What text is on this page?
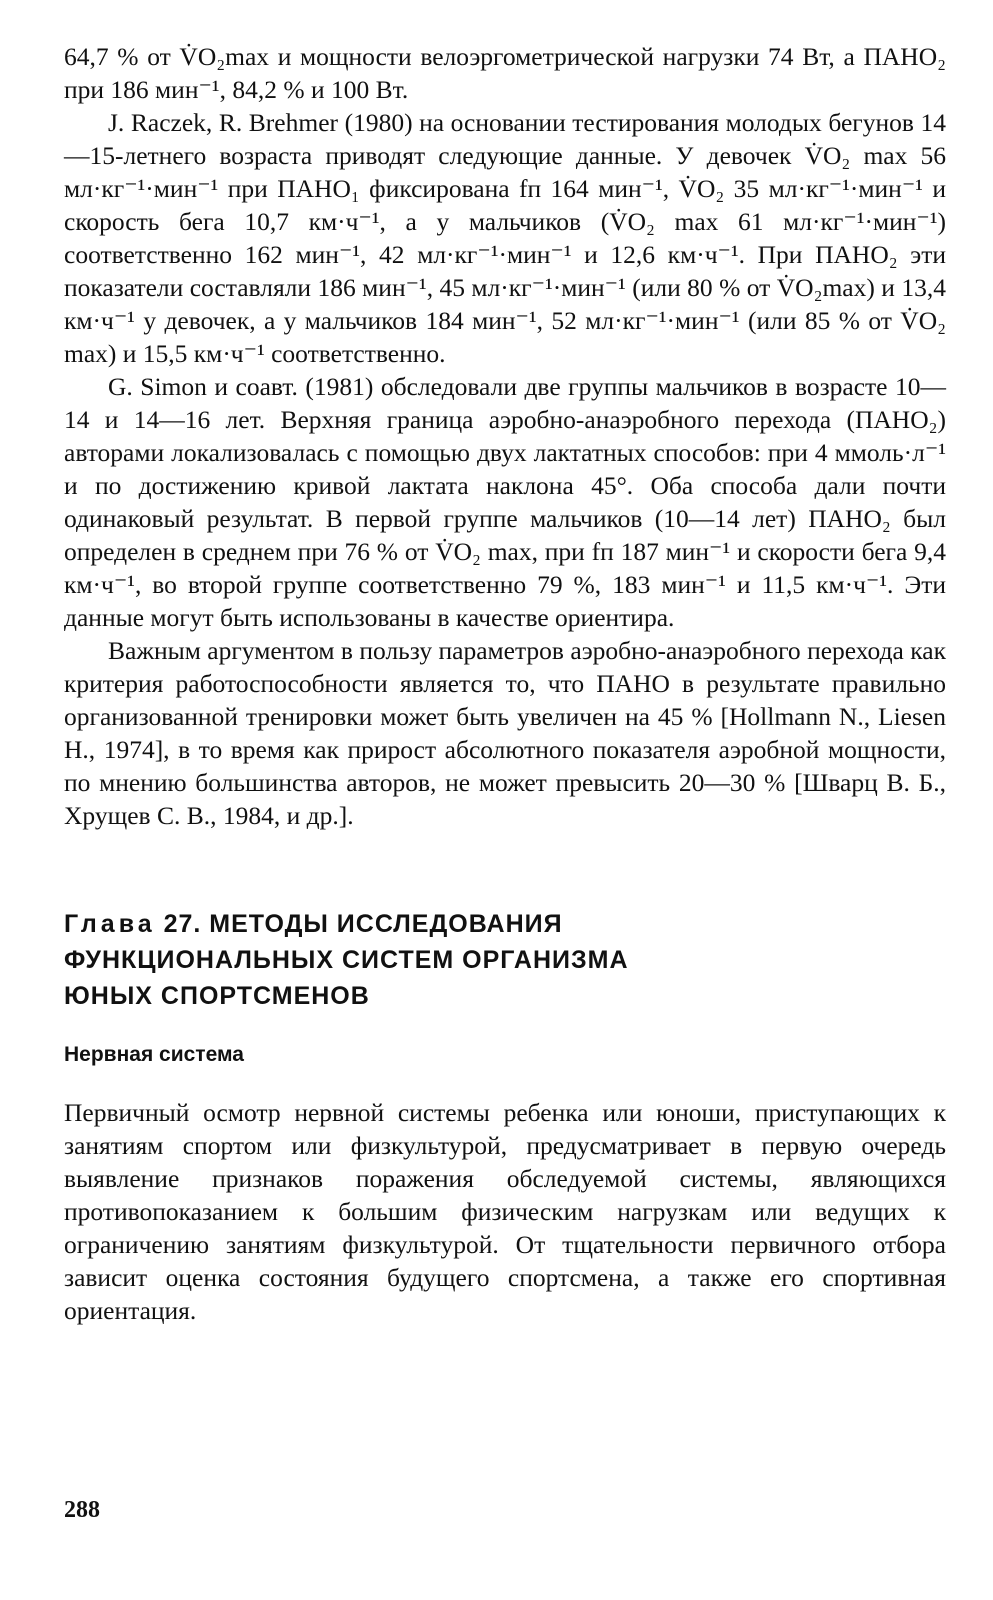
64,7 % от V̇O₂max и мощности велоэргометрической нагрузки 74 Вт, а ПАНО₂ при 186 мин⁻¹, 84,2 % и 100 Вт.

J. Raczek, R. Brehmer (1980) на основании тестирования молодых бегунов 14—15-летнего возраста приводят следующие данные. У девочек V̇O₂ max 56 мл·кг⁻¹·мин⁻¹ при ПАНО₁ фиксирована fп 164 мин⁻¹, V̇O₂ 35 мл·кг⁻¹·мин⁻¹ и скорость бега 10,7 км·ч⁻¹, а у мальчиков (V̇O₂ max 61 мл·кг⁻¹·мин⁻¹) соответственно 162 мин⁻¹, 42 мл·кг⁻¹·мин⁻¹ и 12,6 км·ч⁻¹. При ПАНО₂ эти показатели составляли 186 мин⁻¹, 45 мл·кг⁻¹·мин⁻¹ (или 80 % от V̇O₂max) и 13,4 км·ч⁻¹ у девочек, а у мальчиков 184 мин⁻¹, 52 мл·кг⁻¹·мин⁻¹ (или 85 % от V̇O₂ max) и 15,5 км·ч⁻¹ соответственно.

G. Simon и соавт. (1981) обследовали две группы мальчиков в возрасте 10—14 и 14—16 лет. Верхняя граница аэробно-анаэробного перехода (ПАНО₂) авторами локализовалась с помощью двух лактатных способов: при 4 ммоль·л⁻¹ и по достижению кривой лактата наклона 45°. Оба способа дали почти одинаковый результат. В первой группе мальчиков (10—14 лет) ПАНО₂ был определен в среднем при 76 % от V̇O₂ max, при fп 187 мин⁻¹ и скорости бега 9,4 км·ч⁻¹, во второй группе соответственно 79 %, 183 мин⁻¹ и 11,5 км·ч⁻¹. Эти данные могут быть использованы в качестве ориентира.

Важным аргументом в пользу параметров аэробно-анаэробного перехода как критерия работоспособности является то, что ПАНО в результате правильно организованной тренировки может быть увеличен на 45 % [Hollmann N., Liesen H., 1974], в то время как прирост абсолютного показателя аэробной мощности, по мнению большинства авторов, не может превысить 20—30 % [Шварц В. Б., Хрущев С. В., 1984, и др.].

Глава 27. МЕТОДЫ ИССЛЕДОВАНИЯ
ФУНКЦИОНАЛЬНЫХ СИСТЕМ ОРГАНИЗМА
ЮНЫХ СПОРТСМЕНОВ
Нервная система

Первичный осмотр нервной системы ребенка или юноши, приступающих к занятиям спортом или физкультурой, предусматривает в первую очередь выявление признаков поражения обследуемой системы, являющихся противопоказанием к большим физическим нагрузкам или ведущих к ограничению занятиям физкультурой. От тщательности первичного отбора зависит оценка состояния будущего спортсмена, а также его спортивная ориентация.

288
